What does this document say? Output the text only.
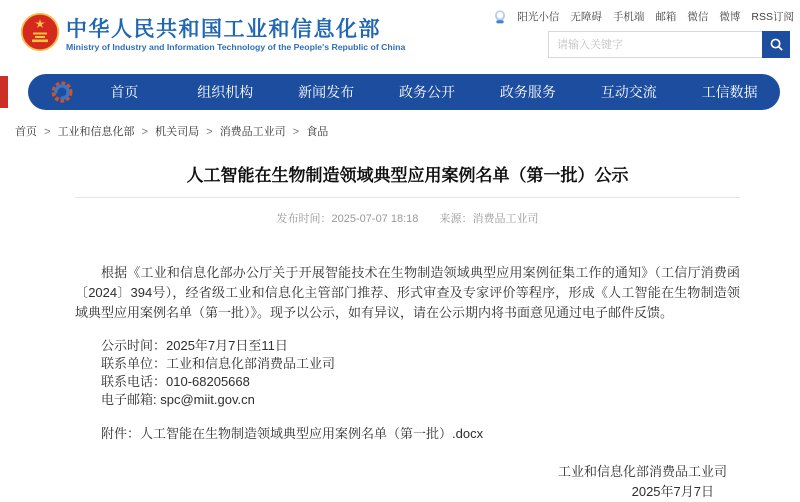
中华人民共和国工业和信息化部
Ministry of Industry and Information Technology of the People's Republic of China
阳光小信 无障碍 手机端 邮箱 微信 微博 RSS订阅
请输入关键字
首页	组织机构	新闻发布	政务公开	政务服务	互动交流	工信数据
首页 > 工业和信息化部 > 机关司局 > 消费品工业司 > 食品
人工智能在生物制造领域典型应用案例名单（第一批）公示
发布时间：2025-07-07 18:18 来源：消费品工业司
根据《工业和信息化部办公厅关于开展智能技术在生物制造领域典型应用案例征集工作的通知》（工信厅消费函〔2024〕394号），经省级工业和信息化主管部门推荐、形式审查及专家评价等程序，形成《人工智能在生物制造领域典型应用案例名单（第一批）》。现予以公示，如有异议，请在公示期内将书面意见通过电子邮件反馈。
公示时间：2025年7月7日至11日
联系单位：工业和信息化部消费品工业司
联系电话：010-68205668
电子邮箱: spc@miit.gov.cn
附件：人工智能在生物制造领域典型应用案例名单（第一批）.docx
工业和信息化部消费品工业司
2025年7月7日
